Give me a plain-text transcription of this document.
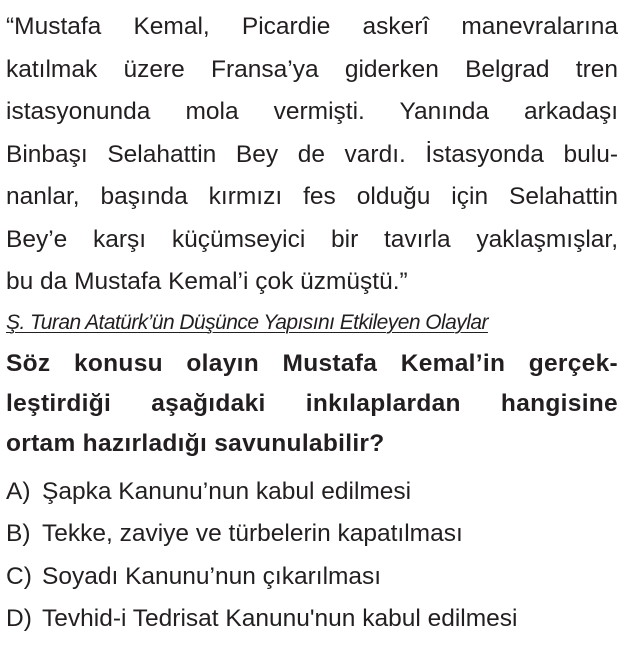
“Mustafa Kemal, Picardie askerî manevralarına
katılmak üzere Fransa’ya giderken Belgrad tren
istasyonunda mola vermişti. Yanında arkadaşı
Binbaşı Selahattin Bey de vardı. İstasyonda bulu-
nanlar, başında kırmızı fes olduğu için Selahattin
Bey’e karşı küçümseyici bir tavırla yaklaşmışlar,
bu da Mustafa Kemal’i çok üzmüştü.”
Ş. Turan Atatürk’ün Düşünce Yapısını Etkileyen Olaylar
Söz konusu olayın Mustafa Kemal’in gerçek-
leştirdiği aşağıdaki inkılaplardan hangisine
ortam hazırladığı savunulabilir?
A) Şapka Kanunu’nun kabul edilmesi
B) Tekke, zaviye ve türbelerin kapatılması
C) Soyadı Kanunu’nun çıkarılması
D) Tevhid-i Tedrisat Kanunu'nun kabul edilmesi
